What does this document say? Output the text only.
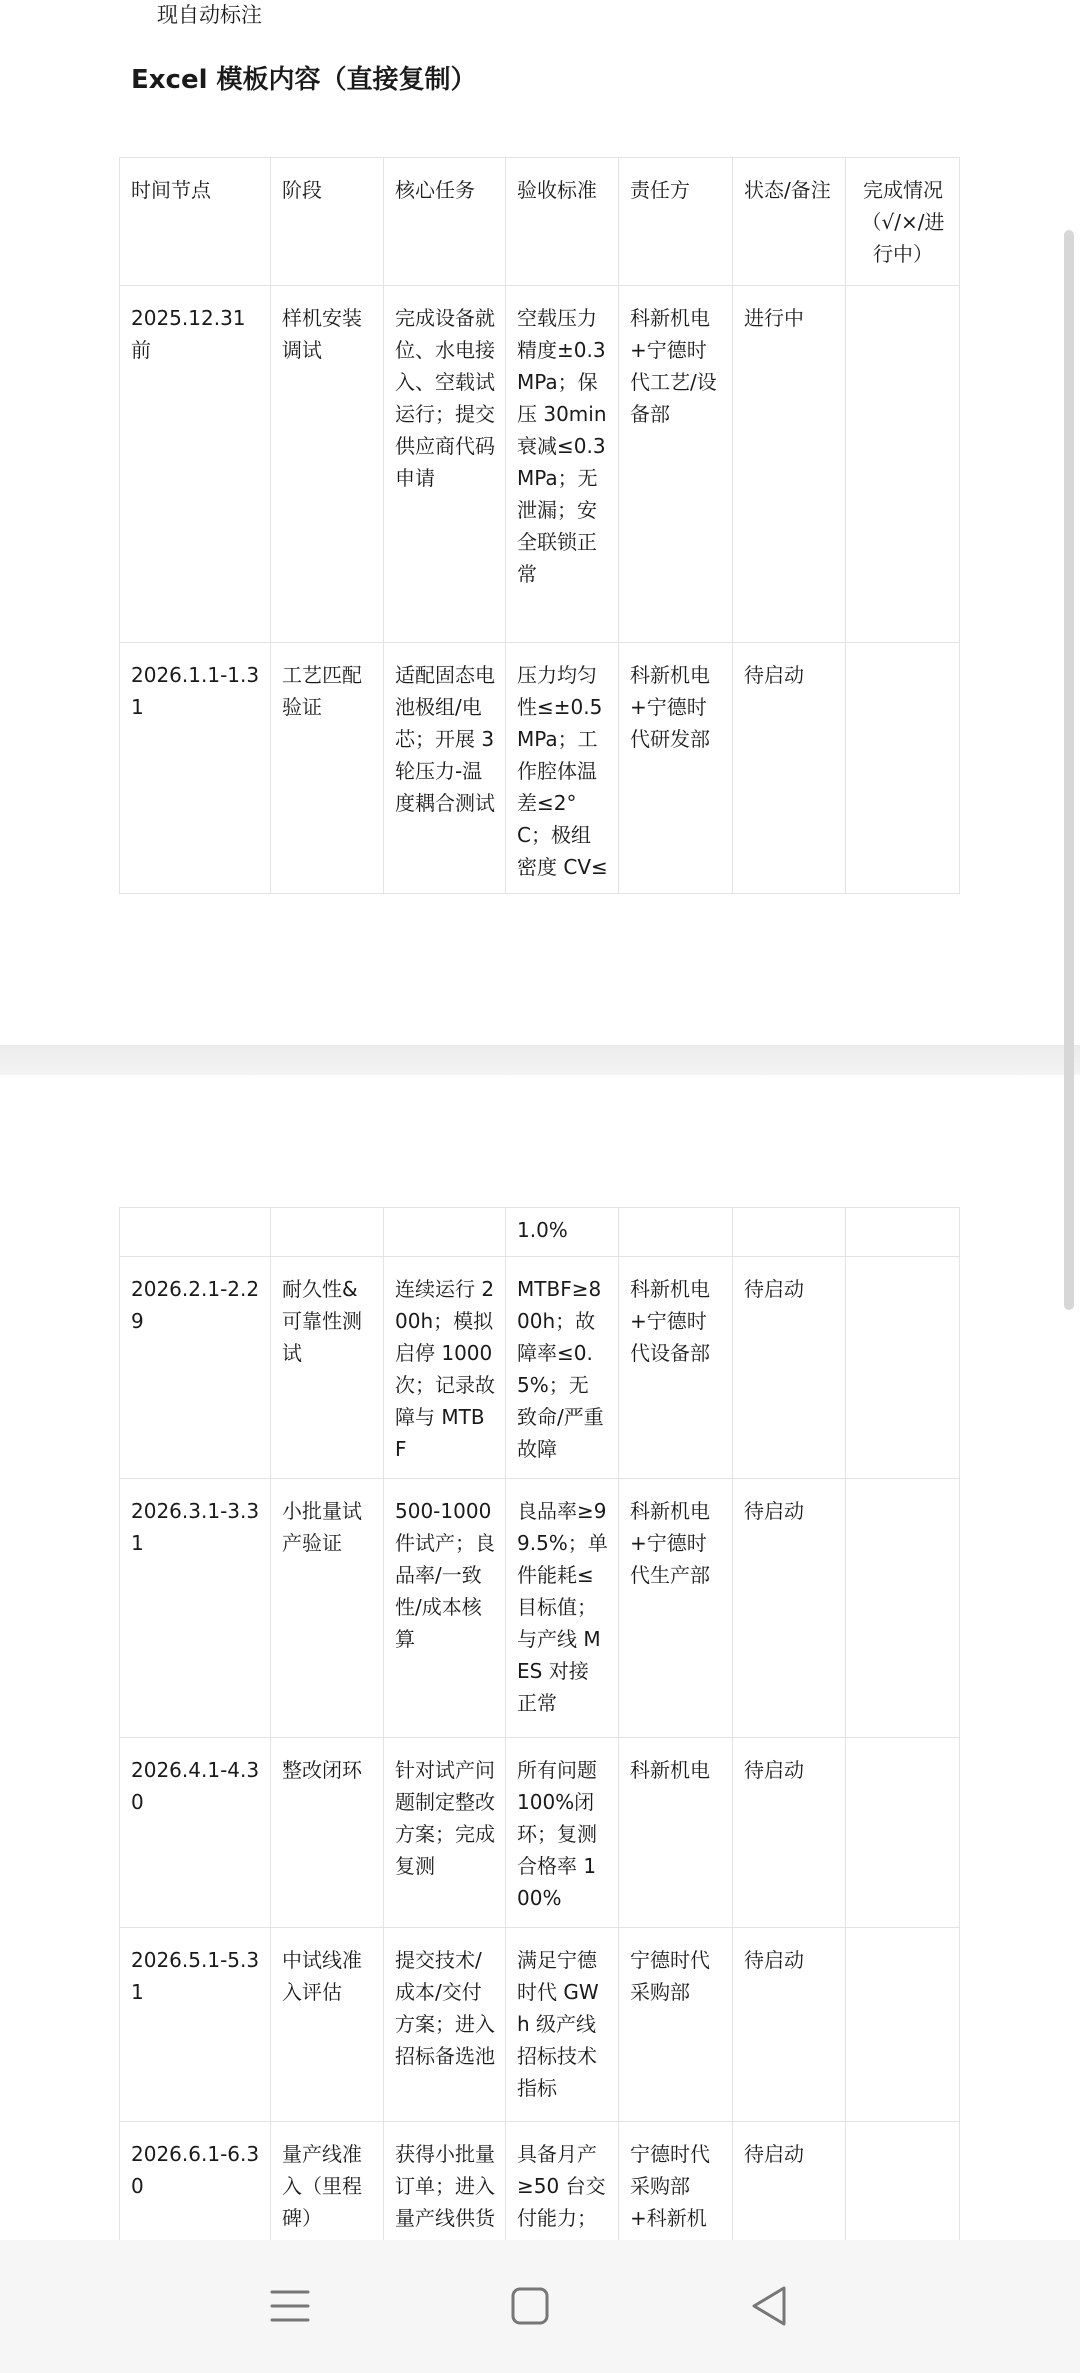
现自动标注
Excel 模板内容（直接复制）
时间节点	阶段	核心任务	验收标准	责任方	状态/备注	完成情况（√/×/进行中）
2025.12.31 前	样机安装调试	完成设备就位、水电接入、空载试运行；提交供应商代码申请	空载压力精度±0.3MPa；保压 30min 衰减≤0.3MPa；无泄漏；安全联锁正常	科新机电+宁德时代工艺/设备部	进行中	
2026.1.1-1.31	工艺匹配验证	适配固态电池极组/电芯；开展 3 轮压力-温度耦合测试	压力均匀性≤±0.5MPa；工作腔体温差≤2°C；极组密度 CV≤	科新机电+宁德时代研发部	待启动	
			1.0%			
2026.2.1-2.29	耐久性&可靠性测试	连续运行 200h；模拟启停 1000 次；记录故障与 MTBF	MTBF≥800h；故障率≤0.5%；无致命/严重故障	科新机电+宁德时代设备部	待启动	
2026.3.1-3.31	小批量试产验证	500-1000 件试产；良品率/一致性/成本核算	良品率≥99.5%；单件能耗≤目标值；与产线 MES 对接正常	科新机电+宁德时代生产部	待启动	
2026.4.1-4.30	整改闭环	针对试产问题制定整改方案；完成复测	所有问题 100%闭环；复测合格率 100%	科新机电	待启动	
2026.5.1-5.31	中试线准入评估	提交技术/成本/交付方案；进入招标备选池	满足宁德时代 GWh 级产线招标技术指标	宁德时代采购部	待启动	
2026.6.1-6.30	量产线准入（里程碑）	获得小批量订单；进入量产线供货	具备月产≥50 台交付能力；	宁德时代采购部+科新机	待启动	
